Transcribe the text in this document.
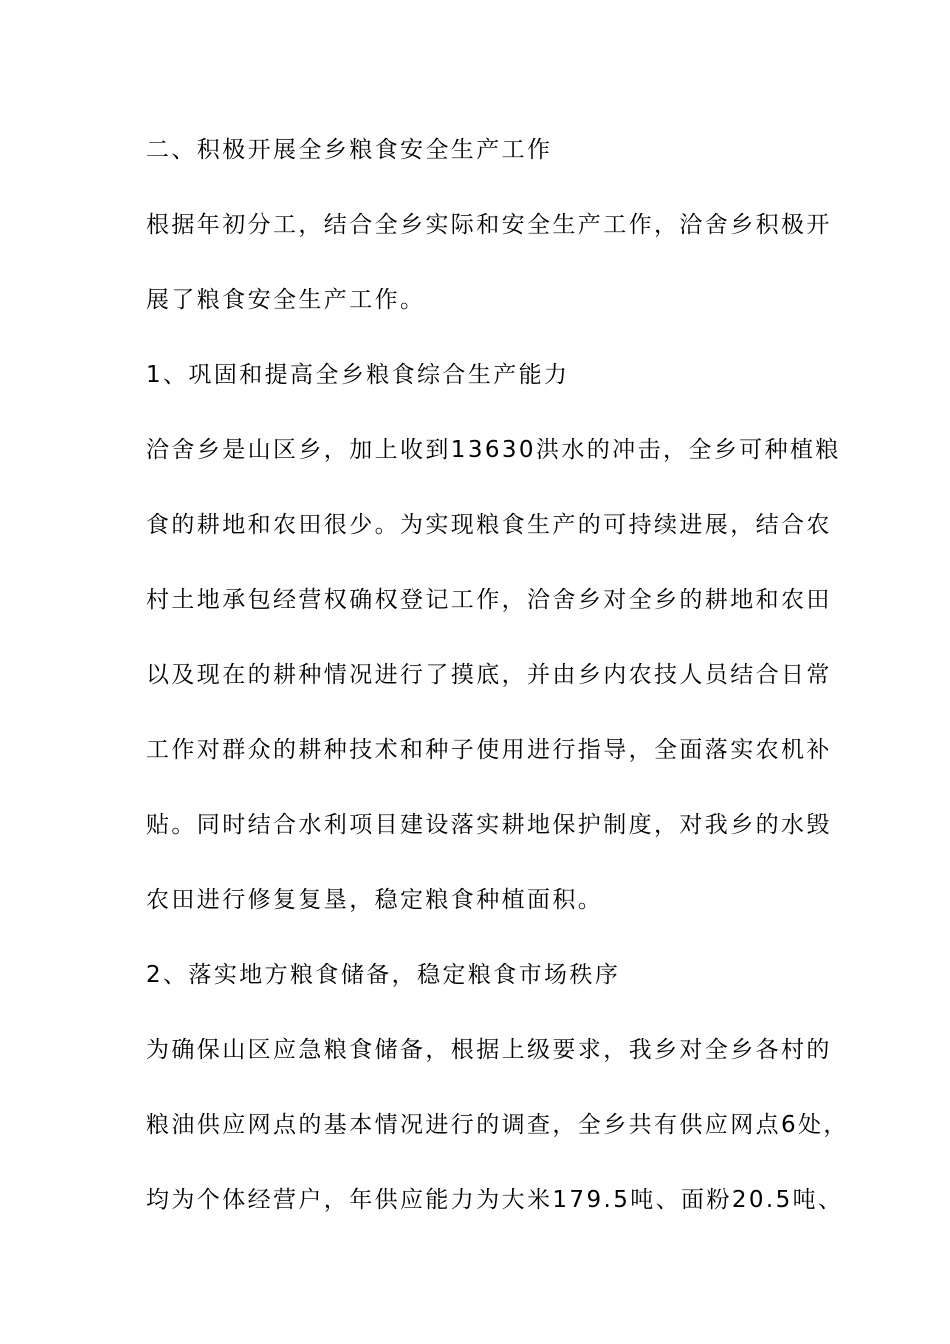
二、积极开展全乡粮食安全生产工作
根据年初分工，结合全乡实际和安全生产工作，洽舍乡积极开
展了粮食安全生产工作。
1、巩固和提高全乡粮食综合生产能力
洽舍乡是山区乡，加上收到13630洪水的冲击，全乡可种植粮
食的耕地和农田很少。为实现粮食生产的可持续进展，结合农
村土地承包经营权确权登记工作，洽舍乡对全乡的耕地和农田
以及现在的耕种情况进行了摸底，并由乡内农技人员结合日常
工作对群众的耕种技术和种子使用进行指导，全面落实农机补
贴。同时结合水利项目建设落实耕地保护制度，对我乡的水毁
农田进行修复复垦，稳定粮食种植面积。
2、落实地方粮食储备，稳定粮食市场秩序
为确保山区应急粮食储备，根据上级要求，我乡对全乡各村的
粮油供应网点的基本情况进行的调查，全乡共有供应网点6处，
均为个体经营户，年供应能力为大米179.5吨、面粉20.5吨、
